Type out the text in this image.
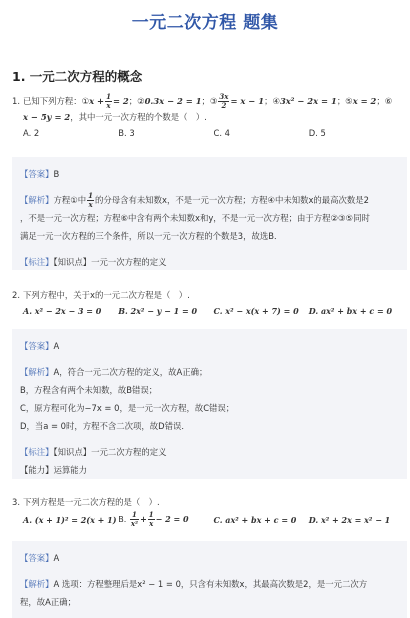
一元二次方程 题集
1. 一元二次方程的概念
1. 已知下列方程：①x + $\frac{1}{x} = 2$；②0.3x − 2 = 1；③ $\frac{3x}{2} = x - 1$；④3x² − 2x = 1；⑤x = 2；⑥
x − 5y = 2，其中一元一次方程的个数是（　）.
A. 2	B. 3	C. 4	D. 5
【答案】B
【解析】方程①中 $\frac{1}{x}$ 的分母含有未知数x，不是一元一次方程；方程④中未知数x的最高次数是2
，不是一元一次方程；方程⑥中含有两个未知数x和y，不是一元一次方程；由于方程②③⑤同时
满足一元一次方程的三个条件，所以一元一次方程的个数是3，故选B．
【标注】【知识点】一元一次方程的定义
2. 下列方程中，关于x的一元二次方程是（　）.
A. x² − 2x − 3 = 0	B. 2x² − y − 1 = 0	C. x² − x(x + 7) = 0	D. ax² + bx + c = 0
【答案】A
【解析】A，符合一元二次方程的定义，故A正确；
B，方程含有两个未知数，故B错误；
C，原方程可化为−7x = 0，是一元一次方程，故C错误；
D，当a = 0时，方程不含二次项，故D错误．
【标注】【知识点】一元二次方程的定义
【能力】运算能力
3. 下列方程是一元二次方程的是（　）.
A. (x + 1)² = 2(x + 1) B. $\frac{1}{\text{x²}} + \frac{1}{x} - 2 = 0$	C. ax² + bx + c = 0	D. x² + 2x = x² − 1
【答案】A
【解析】A 选项：方程整理后是x² − 1 = 0，只含有未知数x，其最高次数是2，是一元二次方
程，故A正确；
